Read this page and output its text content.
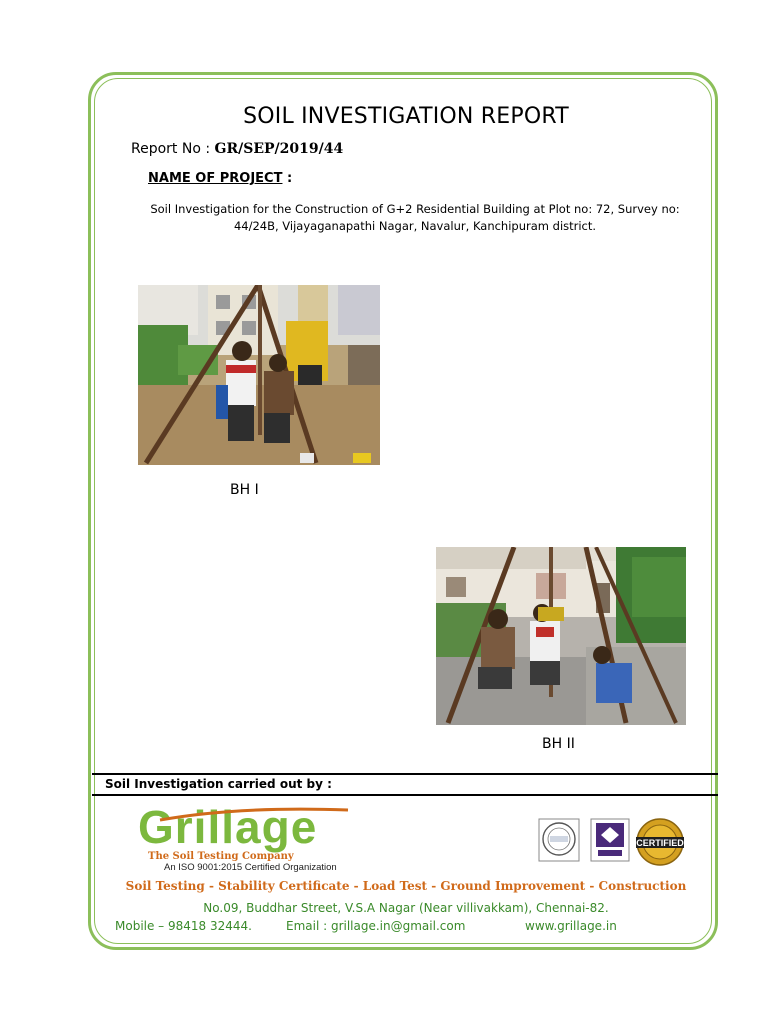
SOIL INVESTIGATION REPORT
Report No : GR/SEP/2019/44
NAME OF PROJECT :
Soil Investigation for the Construction of G+2 Residential Building at Plot no: 72, Survey no: 44/24B, Vijayaganapathi Nagar, Navalur, Kanchipuram district.
BH I
BH II
Soil Investigation carried out by :
Grillage
The Soil Testing Company
An ISO 9001:2015 Certified Organization
CERTIFIED
Soil Testing - Stability Certificate - Load Test - Ground Improvement - Construction
No.09, Buddhar Street, V.S.A Nagar (Near villivakkam), Chennai-82.
Mobile – 98418 32444.	Email : grillage.in@gmail.com	www.grillage.in
